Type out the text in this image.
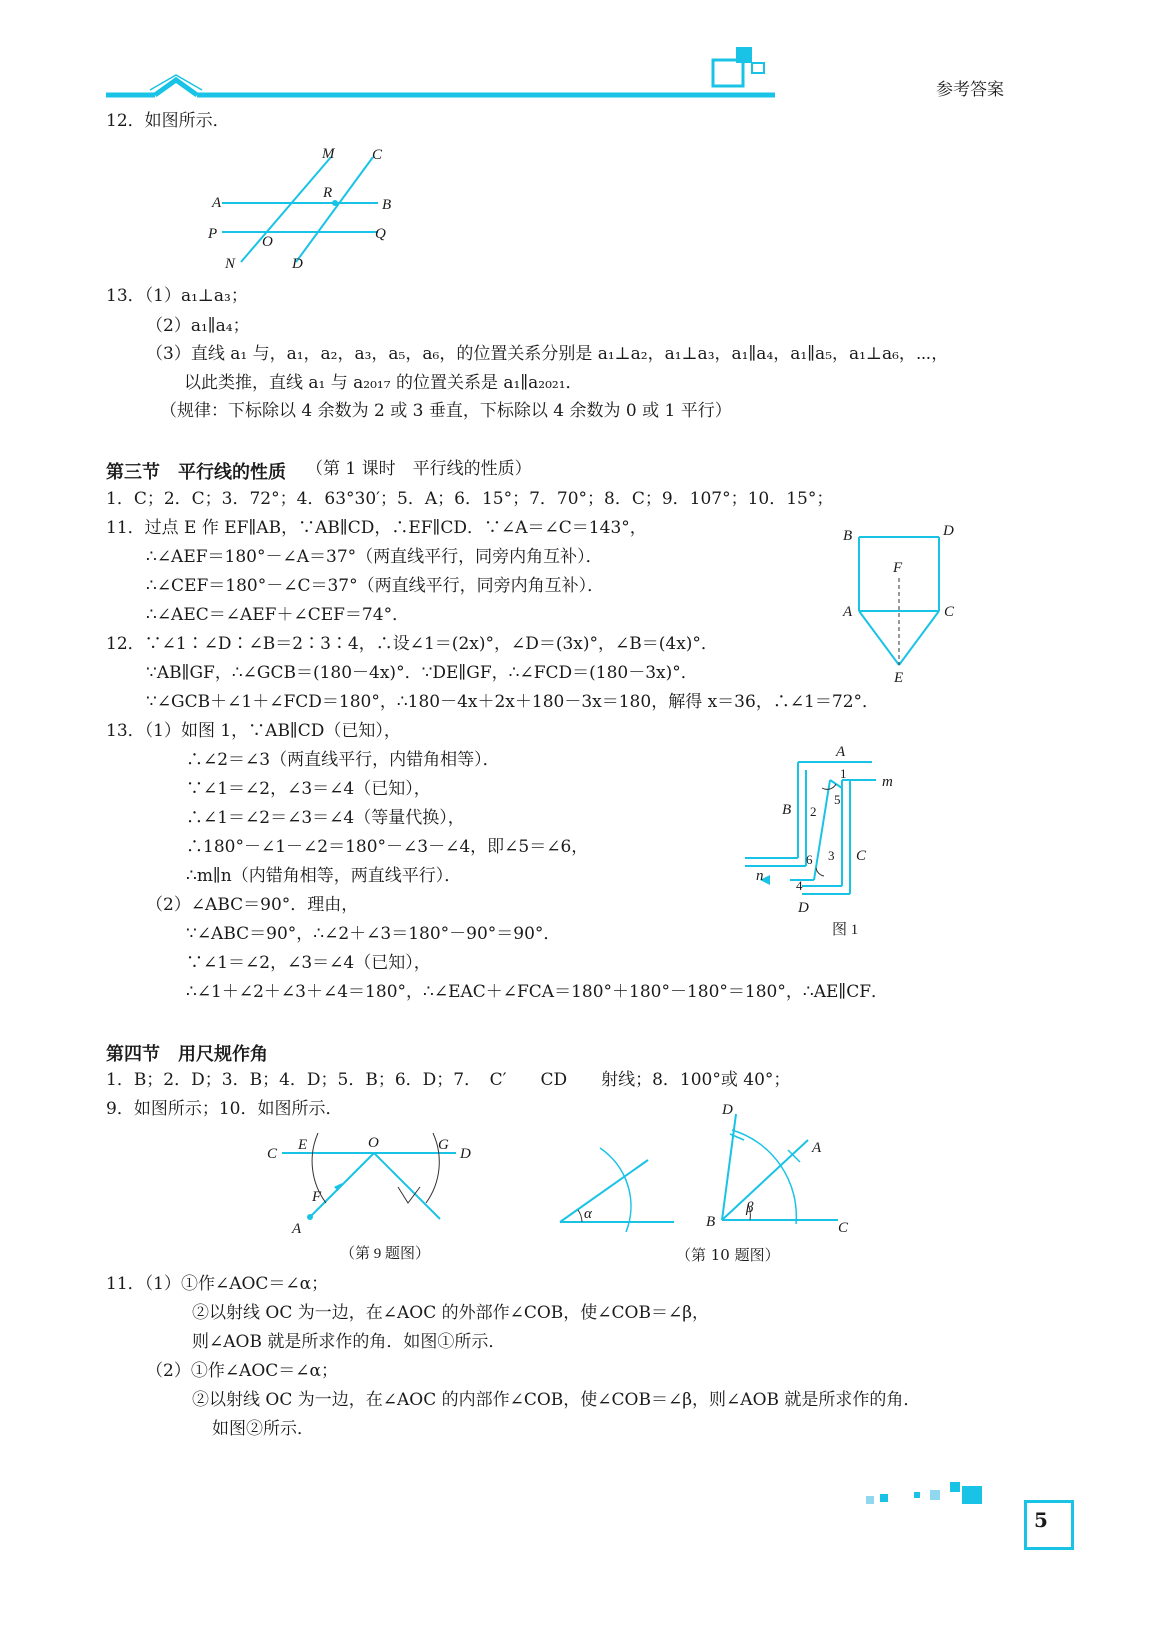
参考答案
12．如图所示．
M	C
A
R
B
P	O	Q
N	D
13．（1）a₁⊥a₃；
（2）a₁∥a₄；
（3）直线 a₁ 与，a₁，a₂，a₃，a₅，a₆，的位置关系分别是 a₁⊥a₂，a₁⊥a₃，a₁∥a₄，a₁∥a₅，a₁⊥a₆，⋯，
以此类推，直线 a₁ 与 a₂₀₁₇ 的位置关系是 a₁∥a₂₀₂₁．
（规律：下标除以 4 余数为 2 或 3 垂直，下标除以 4 余数为 0 或 1 平行）
第三节　平行线的性质 （第 1 课时　平行线的性质）
1．C；2．C；3．72°；4．63°30′；5．A；6．15°；7．70°；8．C；9．107°；10．15°；
11．过点 E 作 EF∥AB，∵AB∥CD，∴EF∥CD．∵∠A＝∠C＝143°，
∴∠AEF＝180°－∠A＝37°（两直线平行，同旁内角互补）．
∴∠CEF＝180°－∠C＝37°（两直线平行，同旁内角互补）．
∴∠AEC＝∠AEF＋∠CEF＝74°．
B	D
F
A	C
E
12．∵∠1∶∠D∶∠B＝2∶3∶4，∴设∠1＝(2x)°，∠D＝(3x)°，∠B＝(4x)°．
∵AB∥GF，∴∠GCB＝(180－4x)°．∵DE∥GF，∴∠FCD＝(180－3x)°．
∵∠GCB＋∠1＋∠FCD＝180°，∴180－4x＋2x＋180－3x＝180，解得 x＝36，∴∠1＝72°．
13．（1）如图 1，∵AB∥CD（已知），
∴∠2＝∠3（两直线平行，内错角相等）．
∵∠1＝∠2，∠3＝∠4（已知），
∴∠1＝∠2＝∠3＝∠4（等量代换），
∴180°－∠1－∠2＝180°－∠3－∠4，即∠5＝∠6，
∴m∥n（内错角相等，两直线平行）．
（2）∠ABC＝90°．理由，
∵∠ABC＝90°，∴∠2＋∠3＝180°－90°＝90°．
∵∠1＝∠2，∠3＝∠4（已知），
∴∠1＋∠2＋∠3＋∠4＝180°，∴∠EAC＋∠FCA＝180°＋180°－180°＝180°，∴AE∥CF．
A
1
m
B 2
5
6 3 C
n
4
D
图 1
第四节　用尺规作角
1．B；2．D；3．B；4．D；5．B；6．D；7．　C′　　CD　　射线；8．100°或 40°；
9．如图所示；10．如图所示．
C
E	O	G
D
F
A
（第 9 题图）
α
D
A
β
B	C
（第 10 题图）
11．（1）①作∠AOC＝∠α；
②以射线 OC 为一边，在∠AOC 的外部作∠COB，使∠COB＝∠β，
则∠AOB 就是所求作的角．如图①所示．
（2）①作∠AOC＝∠α；
②以射线 OC 为一边，在∠AOC 的内部作∠COB，使∠COB＝∠β，则∠AOB 就是所求作的角．
如图②所示．
5
